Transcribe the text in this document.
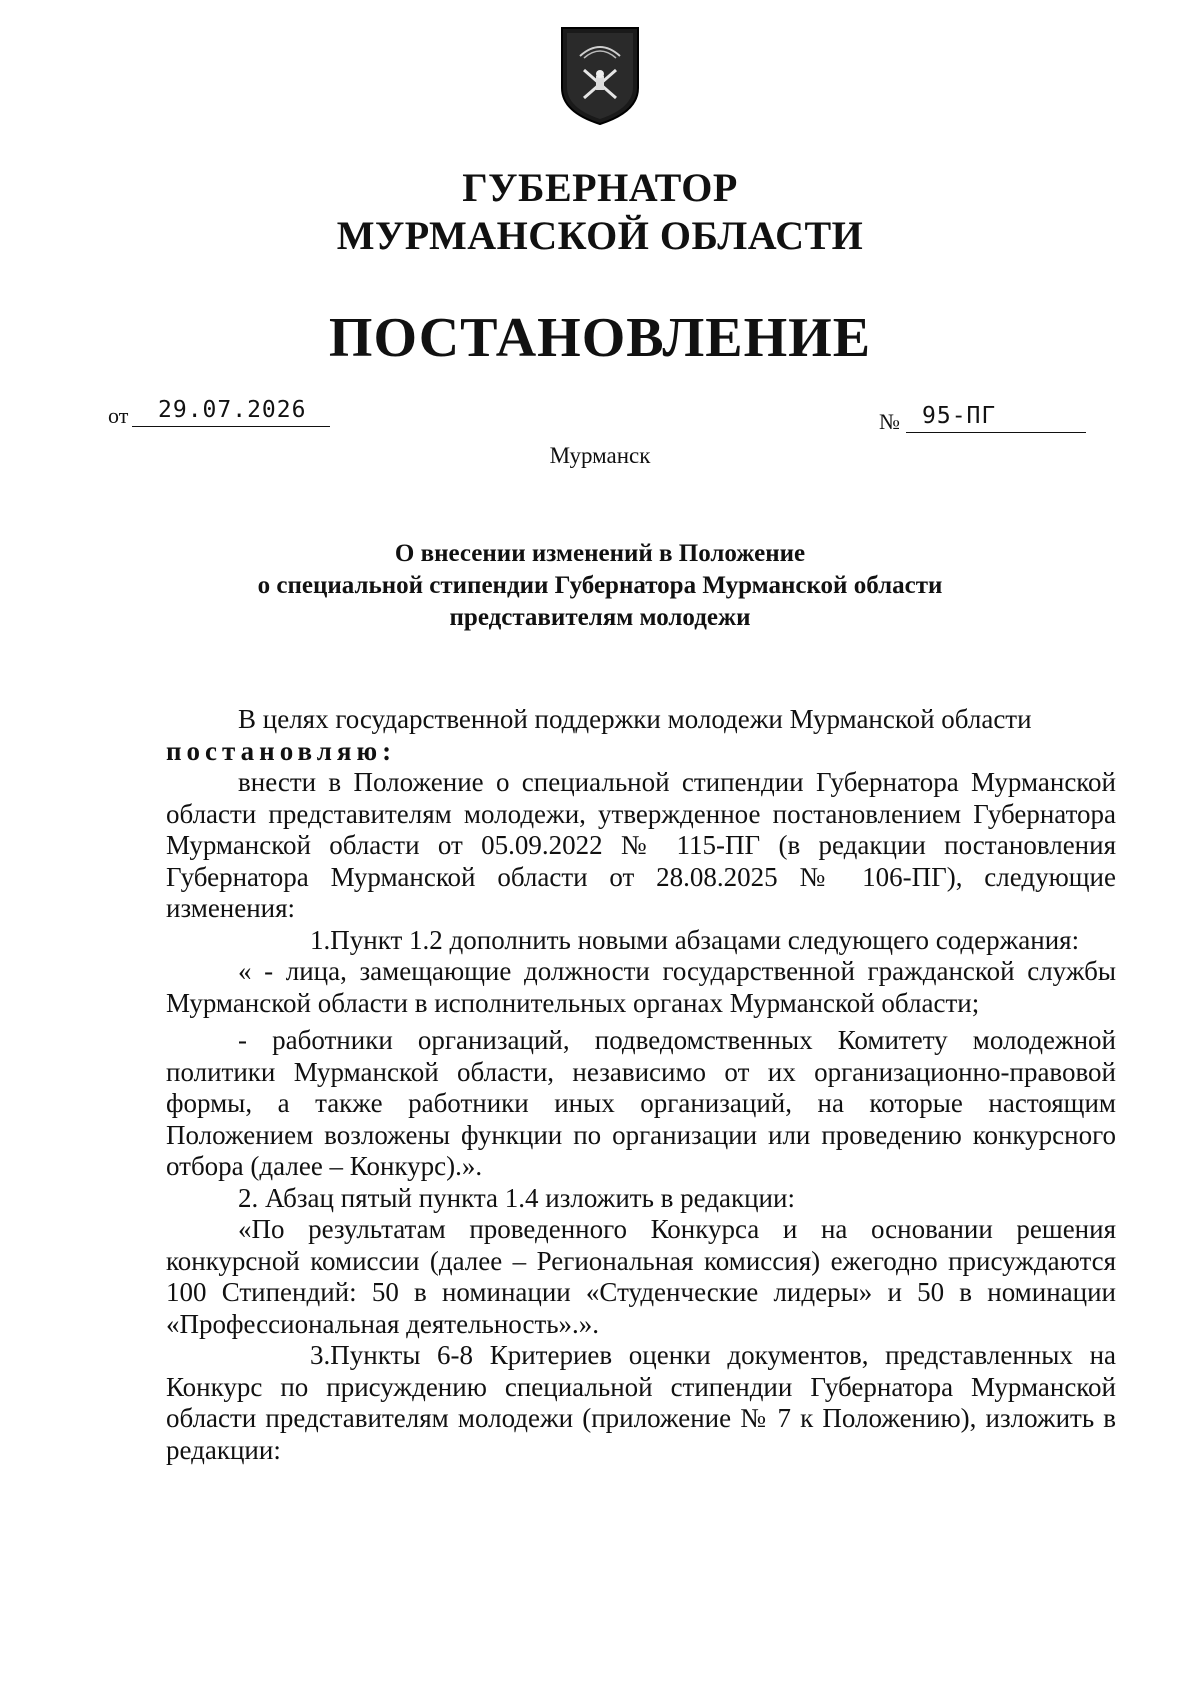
ГУБЕРНАТОР
МУРМАНСКОЙ ОБЛАСТИ
ПОСТАНОВЛЕНИЕ
от 29.07.2026	№ 95-ПГ
Мурманск
О внесении изменений в Положение
о специальной стипендии Губернатора Мурманской области
представителям молодежи

В целях государственной поддержки молодежи Мурманской области

постановляю:

внести в Положение о специальной стипендии Губернатора Мурманской области представителям молодежи, утвержденное постановлением Губернатора Мурманской области от 05.09.2022 № 115-ПГ (в редакции постановления Губернатора Мурманской области от 28.08.2025 № 106-ПГ), следующие изменения:

1.Пункт 1.2 дополнить новыми абзацами следующего содержания:

« - лица, замещающие должности государственной гражданской службы Мурманской области в исполнительных органах Мурманской области;

- работники организаций, подведомственных Комитету молодежной политики Мурманской области, независимо от их организационно-правовой формы, а также работники иных организаций, на которые настоящим Положением возложены функции по организации или проведению конкурсного отбора (далее – Конкурс).».

2. Абзац пятый пункта 1.4 изложить в редакции:

«По результатам проведенного Конкурса и на основании решения конкурсной комиссии (далее – Региональная комиссия) ежегодно присуждаются 100 Стипендий: 50 в номинации «Студенческие лидеры» и 50 в номинации «Профессиональная деятельность».».

3.Пункты 6-8 Критериев оценки документов, представленных на Конкурс по присуждению специальной стипендии Губернатора Мурманской области представителям молодежи (приложение № 7 к Положению), изложить в редакции:
